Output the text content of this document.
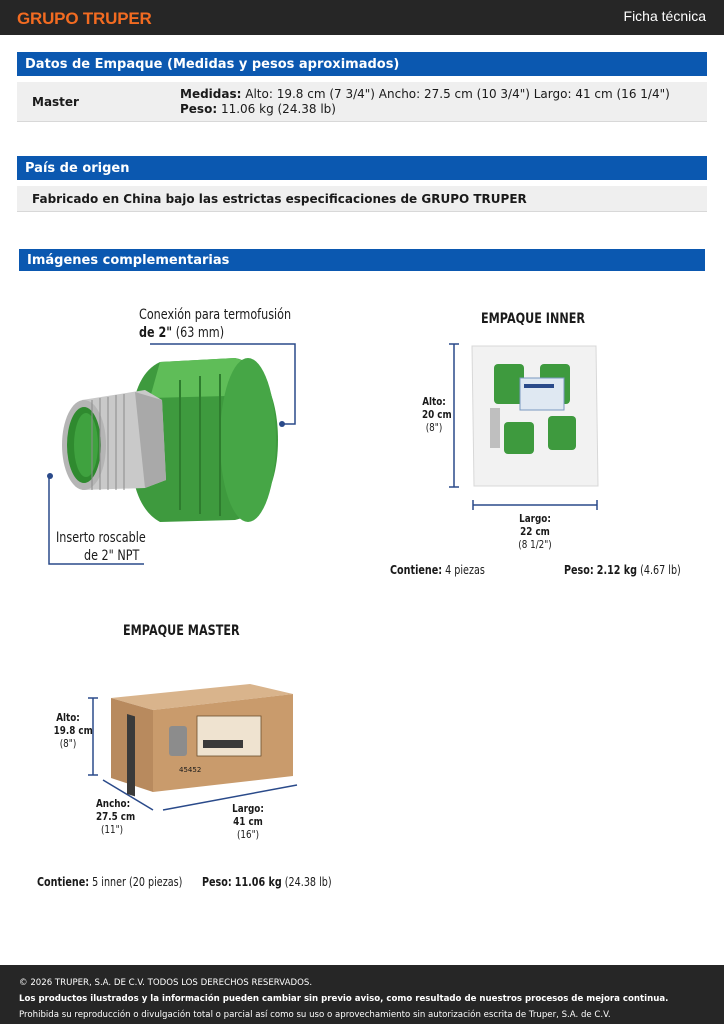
GRUPO TRUPER	Ficha técnica
Datos de Empaque (Medidas y pesos aproximados)
Master
Medidas: Alto: 19.8 cm (7 3/4") Ancho: 27.5 cm (10 3/4") Largo: 41 cm (16 1/4") Peso: 11.06 kg (24.38 lb)
País de origen
Fabricado en China bajo las estrictas especificaciones de GRUPO TRUPER
Imágenes complementarias
Conexión para termofusión
de 2" (63 mm)
Inserto roscable
de 2" NPT
EMPAQUE INNER
Alto:
20 cm
(8")
Largo:
22 cm
(8 1/2")
Contiene: 4 piezas	Peso: 2.12 kg (4.67 lb)
EMPAQUE MASTER
45452
Alto:
19.8 cm
(8")
Ancho:
27.5 cm
(11")
Largo:
41 cm
(16")
Contiene: 5 inner (20 piezas) Peso: 11.06 kg (24.38 lb)
© 2026 TRUPER, S.A. DE C.V. TODOS LOS DERECHOS RESERVADOS.
Los productos ilustrados y la información pueden cambiar sin previo aviso, como resultado de nuestros procesos de mejora continua.
Prohibida su reproducción o divulgación total o parcial así como su uso o aprovechamiento sin autorización escrita de Truper, S.A. de C.V.
